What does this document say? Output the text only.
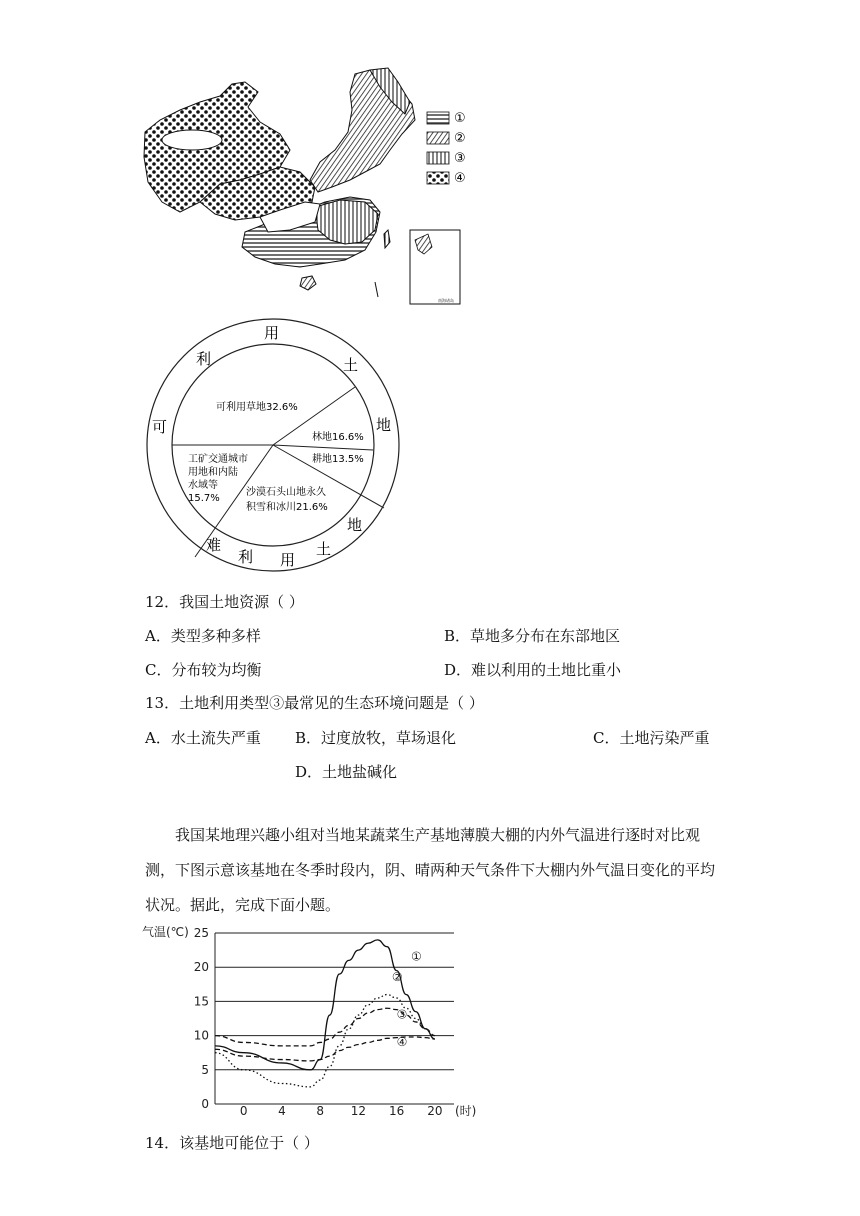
南海诸岛
①
②
③
④
利
用
土
可	地
难
利 用
土
地
可利用草地32.6%
林地16.6%
耕地13.5%
沙漠石头山地永久
积雪和冰川21.6%
工矿交通城市
用地和内陆
水域等
15.7%
12．我国土地资源（ ）
A．类型多种多样	B．草地多分布在东部地区
C．分布较为均衡	D．难以利用的土地比重小
13．土地利用类型③最常见的生态环境问题是（ ）
A．水土流失严重 B．过度放牧，草场退化	C．土地污染严重
D．土地盐碱化
我国某地理兴趣小组对当地某蔬菜生产基地薄膜大棚的内外气温进行逐时对比观
测，下图示意该基地在冬季时段内，阴、晴两种天气条件下大棚内外气温日变化的平均
状况。据此，完成下面小题。
0
5
10
15
20
25
0	4	8 12 16 20
①
②
③
④
气温(℃)
(时)
14．该基地可能位于（ ）
